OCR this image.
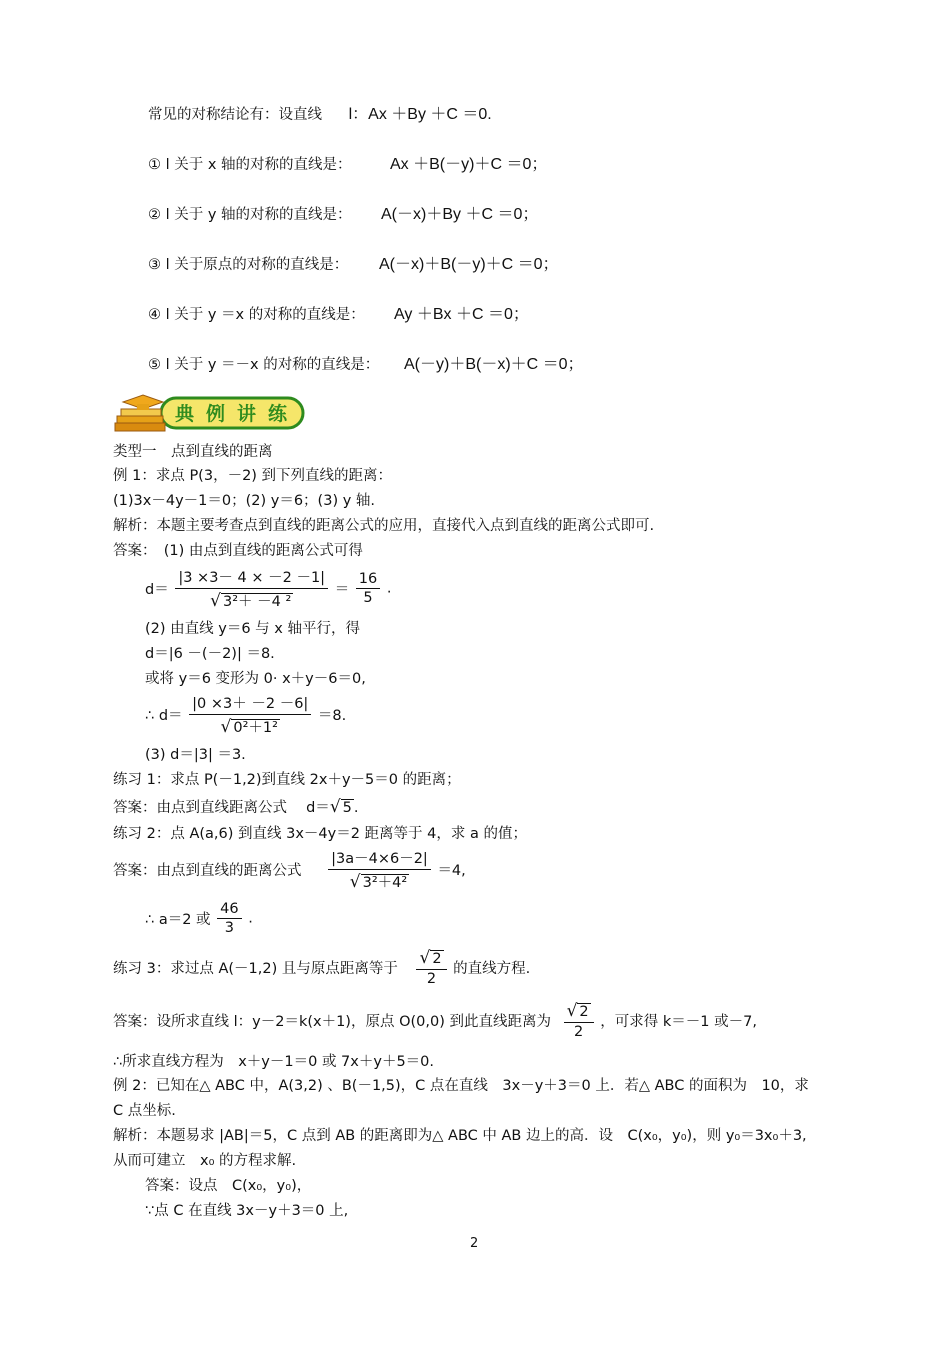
常见的对称结论有：设直线 l：Ax ＋By ＋C ＝0.
① l 关于 x 轴的对称的直线是： Ax ＋B(－y)＋C ＝0；
② l 关于 y 轴的对称的直线是： A(－x)＋By ＋C ＝0；
③ l 关于原点的对称的直线是： A(－x)＋B(－y)＋C ＝0；
④ l 关于 y ＝x 的对称的直线是： Ay ＋Bx ＋C ＝0；
⑤ l 关于 y ＝－x 的对称的直线是： A(－y)＋B(－x)＋C ＝0；
典例讲练
类型一　点到直线的距离
例 1：求点 P(3，－2) 到下列直线的距离：
(1)3x－4y－1＝0；(2) y＝6；(3) y 轴.
解析：本题主要考查点到直线的距离公式的应用，直接代入点到直线的距离公式即可.
答案：　(1) 由点到直线的距离公式可得
$d= \frac{|3 \times 3- 4 \times -2 -1|}{\text{√ 3²＋ －4 ²}} = \frac{16}{5}$ .
(2) 由直线 y＝6 与 x 轴平行，得
d＝|6 －(－2)| ＝8.
或将 y＝6 变形为 0· x＋y－6＝0,
∴ $d= \frac{|0 \times 3+ -2 -6|}{\text{√ 0²＋1²}} =8$.
(3) d＝|3| ＝3.
练习 1：求点 P(－1,2)到直线 2x＋y－5＝0 的距离；
答案：由点到直线距离公式　 d＝√ 5 .
练习 2：点 A(a,6) 到直线 3x－4y＝2 距离等于 4，求 a 的值；
答案：由点到直线的距离公式 $\frac{|3a-4\times 6-2|}{\text{√ 3²＋4²}} =4$,
∴ a＝2 或 $\frac{46}{3}$ .
练习 3：求过点 A(－1,2) 且与原点距离等于 $\frac{√ 2}{2}$ 的直线方程.
答案：设所求直线 l：y－2＝k(x＋1)，原点 O(0,0) 到此直线距离为 $\frac{√ 2}{2}$ ，可求得 k＝－1 或－7,
∴所求直线方程为　x＋y－1＝0 或 7x＋y＋5＝0.
例 2：已知在△ ABC 中，A(3,2) 、B(－1,5)，C 点在直线　3x－y＋3＝0 上．若△ ABC 的面积为　10，求
C 点坐标.
解析：本题易求 |AB|＝5，C 点到 AB 的距离即为△ ABC 中 AB 边上的高．设　C(x₀，y₀)，则 y₀＝3x₀＋3,
从而可建立　x₀ 的方程求解.
答案：设点　C(x₀，y₀)，
∵点 C 在直线 3x－y＋3＝0 上,
2
